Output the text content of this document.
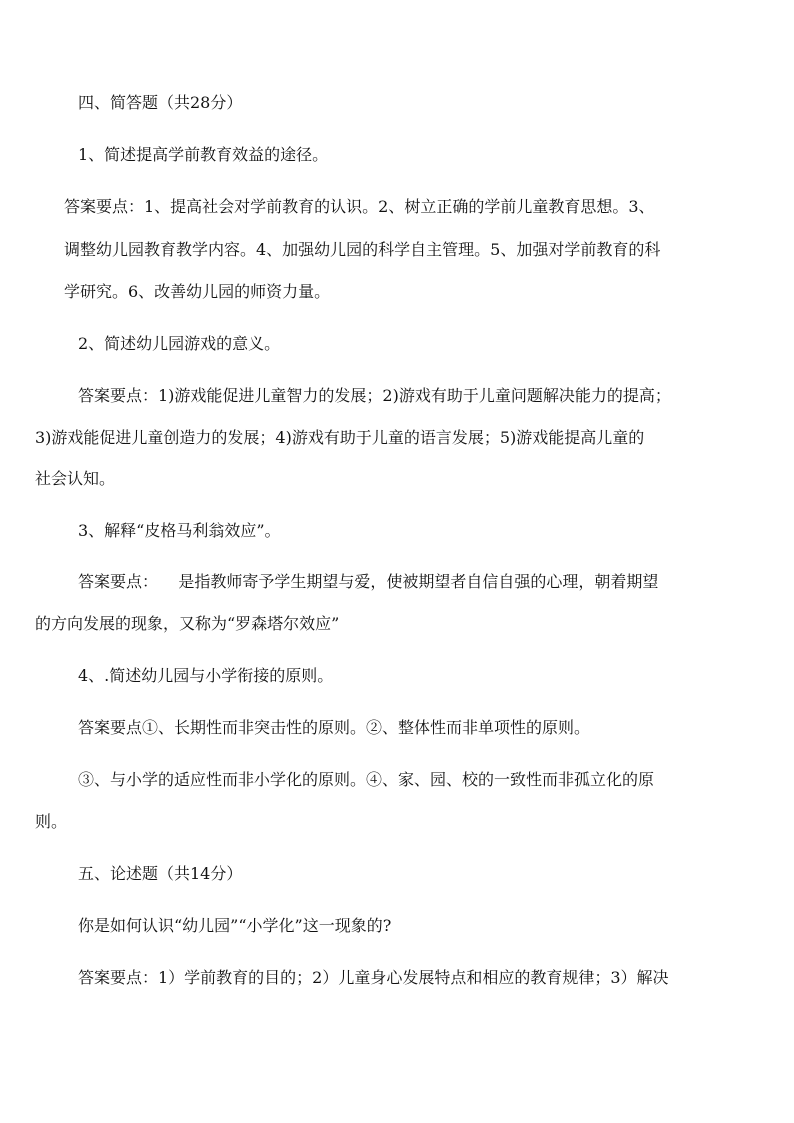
四、简答题（共28分）
1、简述提高学前教育效益的途径。
答案要点：1、提高社会对学前教育的认识。2、树立正确的学前儿童教育思想。3、
调整幼儿园教育教学内容。4、加强幼儿园的科学自主管理。5、加强对学前教育的科
学研究。6、改善幼儿园的师资力量。
2、简述幼儿园游戏的意义。
答案要点：1)游戏能促进儿童智力的发展；2)游戏有助于儿童问题解决能力的提高；
3)游戏能促进儿童创造力的发展；4)游戏有助于儿童的语言发展；5)游戏能提高儿童的
社会认知。
3、解释“皮格马利翁效应”。
答案要点：    是指教师寄予学生期望与爱，使被期望者自信自强的心理，朝着期望
的方向发展的现象，又称为“罗森塔尔效应”
4、.简述幼儿园与小学衔接的原则。
答案要点①、长期性而非突击性的原则。②、整体性而非单项性的原则。
③、与小学的适应性而非小学化的原则。④、家、园、校的一致性而非孤立化的原
则。
五、论述题（共14分）
你是如何认识“幼儿园”“小学化”这一现象的?
答案要点：1）学前教育的目的；2）儿童身心发展特点和相应的教育规律；3）解决
